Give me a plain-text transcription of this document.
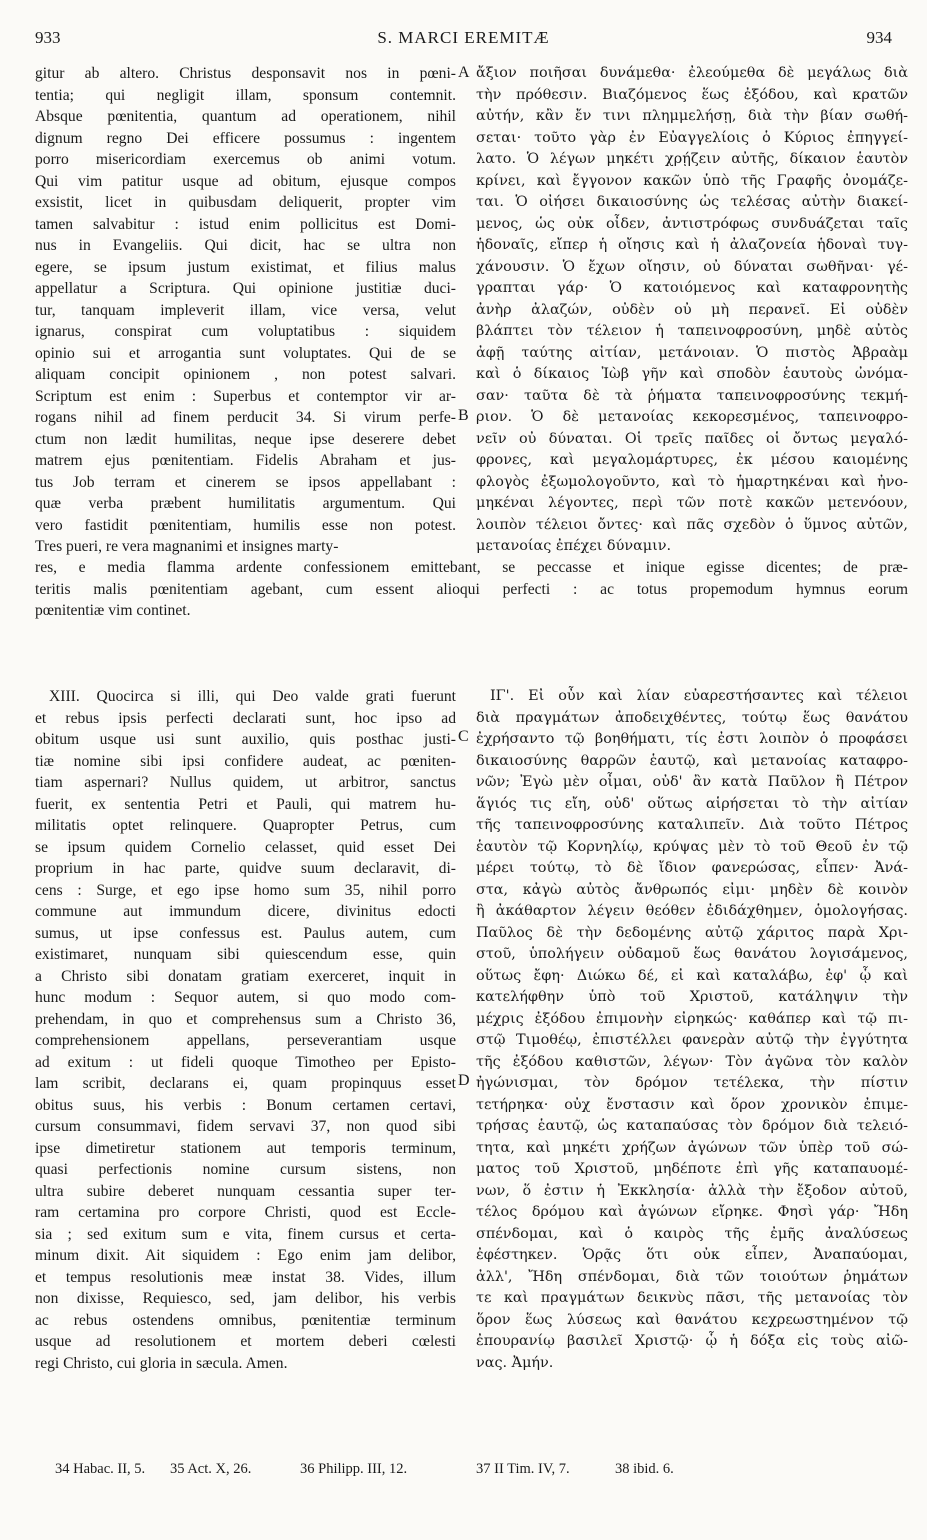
933	S. MARCI EREMITÆ	934
gitur ab altero. Christus desponsavit nos in pœni-
tentia; qui negligit illam, sponsum contemnit.
Absque pœnitentia, quantum ad operationem, nihil
dignum regno Dei efficere possumus : ingentem
porro misericordiam exercemus ob animi votum.
Qui vim patitur usque ad obitum, ejusque compos
exsistit, licet in quibusdam deliquerit, propter vim
tamen salvabitur : istud enim pollicitus est Domi-
nus in Evangeliis. Qui dicit, hac se ultra non
egere, se ipsum justum existimat, et filius malus
appellatur a Scriptura. Qui opinione justitiæ duci-
tur, tanquam impleverit illam, vice versa, velut
ignarus, conspirat cum voluptatibus : siquidem
opinio sui et arrogantia sunt voluptates. Qui de se
aliquam concipit opinionem , non potest salvari.
Scriptum est enim : Superbus et contemptor vir ar-
rogans nihil ad finem perducit 34. Si virum perfe-
ctum non lædit humilitas, neque ipse deserere debet
matrem ejus pœnitentiam. Fidelis Abraham et jus-
tus Job terram et cinerem se ipsos appellabant :
quæ verba præbent humilitatis argumentum. Qui
vero fastidit pœnitentiam, humilis esse non potest.
Tres pueri, re vera magnanimi et insignes marty-
ἄξιον ποιῆσαι δυνάμεθα· ἐλεούμεθα δὲ μεγάλως διὰ
τὴν πρόθεσιν. Βιαζόμενος ἕως ἐξόδου, καὶ κρατῶν
αὐτήν, κἂν ἔν τινι πλημμελήσῃ, διὰ τὴν βίαν σωθή-
σεται· τοῦτο γὰρ ἐν Εὐαγγελίοις ὁ Κύριος ἐπηγγεί-
λατο. Ὁ λέγων μηκέτι χρῄζειν αὐτῆς, δίκαιον ἑαυτὸν
κρίνει, καὶ ἔγγονον κακῶν ὑπὸ τῆς Γραφῆς ὀνομάζε-
ται. Ὁ οἰήσει δικαιοσύνης ὡς τελέσας αὐτὴν διακεί-
μενος, ὡς οὐκ οἶδεν, ἀντιστρόφως συνδυάζεται ταῖς
ἡδοναῖς, εἴπερ ἡ οἴησις καὶ ἡ ἀλαζονεία ἡδοναὶ τυγ-
χάνουσιν. Ὁ ἔχων οἴησιν, οὐ δύναται σωθῆναι· γέ-
γραπται γάρ· Ὁ κατοιόμενος καὶ καταφρονητὴς
ἀνὴρ ἀλαζών, οὐδὲν οὐ μὴ περανεῖ. Εἰ οὐδὲν
βλάπτει τὸν τέλειον ἡ ταπεινοφροσύνη, μηδὲ αὐτὸς
ἀφῇ ταύτης αἰτίαν, μετάνοιαν. Ὁ πιστὸς Ἀβραὰμ
καὶ ὁ δίκαιος Ἰὼβ γῆν καὶ σποδὸν ἑαυτοὺς ὠνόμα-
σαν· ταῦτα δὲ τὰ ῥήματα ταπεινοφροσύνης τεκμή-
ριον. Ὁ δὲ μετανοίας κεκορεσμένος, ταπεινοφρο-
νεῖν οὐ δύναται. Οἱ τρεῖς παῖδες οἱ ὄντως μεγαλό-
φρονες, καὶ μεγαλομάρτυρες, ἐκ μέσου καιομένης
φλογὸς ἐξωμολογοῦντο, καὶ τὸ ἡμαρτηκέναι καὶ ἠνο-
μηκέναι λέγοντες, περὶ τῶν ποτὲ κακῶν μετενόουν,
λοιπὸν τέλειοι ὄντες· καὶ πᾶς σχεδὸν ὁ ὕμνος αὐτῶν,
μετανοίας ἐπέχει δύναμιν.
res, e media flamma ardente confessionem emittebant, se peccasse et inique egisse dicentes; de præ-
teritis malis pœnitentiam agebant, cum essent alioqui perfecti : ac totus propemodum hymnus eorum
pœnitentiæ vim continet.
XIII. Quocirca si illi, qui Deo valde grati fuerunt
et rebus ipsis perfecti declarati sunt, hoc ipso ad
obitum usque usi sunt auxilio, quis posthac justi-
tiæ nomine sibi ipsi confidere audeat, ac pœniten-
tiam aspernari? Nullus quidem, ut arbitror, sanctus
fuerit, ex sententia Petri et Pauli, qui matrem hu-
militatis optet relinquere. Quapropter Petrus, cum
se ipsum quidem Cornelio celasset, quid esset Dei
proprium in hac parte, quidve suum declaravit, di-
cens : Surge, et ego ipse homo sum 35, nihil porro
commune aut immundum dicere, divinitus edocti
sumus, ut ipse confessus est. Paulus autem, cum
existimaret, nunquam sibi quiescendum esse, quin
a Christo sibi donatam gratiam exerceret, inquit in
hunc modum : Sequor autem, si quo modo com-
prehendam, in quo et comprehensus sum a Christo 36,
comprehensionem appellans, perseverantiam usque
ad exitum : ut fideli quoque Timotheo per Episto-
lam scribit, declarans ei, quam propinquus esset
obitus suus, his verbis : Bonum certamen certavi,
cursum consummavi, fidem servavi 37, non quod sibi
ipse dimetiretur stationem aut temporis terminum,
quasi perfectionis nomine cursum sistens, non
ultra subire deberet nunquam cessantia super ter-
ram certamina pro corpore Christi, quod est Eccle-
sia ; sed exitum sum e vita, finem cursus et certa-
minum dixit. Ait siquidem : Ego enim jam delibor,
et tempus resolutionis meæ instat 38. Vides, illum
non dixisse, Requiesco, sed, jam delibor, his verbis
ac rebus ostendens omnibus, pœnitentiæ terminum
usque ad resolutionem et mortem deberi cœlesti
regi Christo, cui gloria in sæcula. Amen.
ΙΓ'. Εἰ οὖν καὶ λίαν εὐαρεστήσαντες καὶ τέλειοι
διὰ πραγμάτων ἀποδειχθέντες, τούτῳ ἕως θανάτου
ἐχρήσαντο τῷ βοηθήματι, τίς ἐστι λοιπὸν ὁ προφάσει
δικαιοσύνης θαρρῶν ἑαυτῷ, καὶ μετανοίας καταφρο-
νῶν; Ἐγὼ μὲν οἶμαι, οὐδ' ἂν κατὰ Παῦλον ἢ Πέτρον
ἅγιός τις εἴη, οὐδ' οὕτως αἱρήσεται τὸ τὴν αἰτίαν
τῆς ταπεινοφροσύνης καταλιπεῖν. Διὰ τοῦτο Πέτρος
ἑαυτὸν τῷ Κορνηλίῳ, κρύψας μὲν τὸ τοῦ Θεοῦ ἐν τῷ
μέρει τούτῳ, τὸ δὲ ἴδιον φανερώσας, εἶπεν· Ἀνά-
στα, κἀγὼ αὐτὸς ἄνθρωπός εἰμι· μηδὲν δὲ κοινὸν
ἢ ἀκάθαρτον λέγειν θεόθεν ἐδιδάχθημεν, ὁμολογήσας.
Παῦλος δὲ τὴν δεδομένης αὐτῷ χάριτος παρὰ Χρι-
στοῦ, ὑπολήγειν οὐδαμοῦ ἕως θανάτου λογισάμενος,
οὕτως ἔφη· Διώκω δέ, εἰ καὶ καταλάβω, ἐφ' ᾧ καὶ
κατελήφθην ὑπὸ τοῦ Χριστοῦ, κατάληψιν τὴν
μέχρις ἐξόδου ἐπιμονὴν εἰρηκώς· καθάπερ καὶ τῷ πι-
στῷ Τιμοθέῳ, ἐπιστέλλει φανερὰν αὐτῷ τὴν ἐγγύτητα
τῆς ἐξόδου καθιστῶν, λέγων· Τὸν ἀγῶνα τὸν καλὸν
ἠγώνισμαι, τὸν δρόμον τετέλεκα, τὴν πίστιν
τετήρηκα· οὐχ ἔνστασιν καὶ ὅρον χρονικὸν ἐπιμε-
τρήσας ἑαυτῷ, ὡς καταπαύσας τὸν δρόμον διὰ τελειό-
τητα, καὶ μηκέτι χρήζων ἀγώνων τῶν ὑπὲρ τοῦ σώ-
ματος τοῦ Χριστοῦ, μηδέποτε ἐπὶ γῆς καταπαυομέ-
νων, ὅ ἐστιν ἡ Ἐκκλησία· ἀλλὰ τὴν ἔξοδον αὐτοῦ,
τέλος δρόμου καὶ ἀγώνων εἴρηκε. Φησὶ γάρ· Ἤδη
σπένδομαι, καὶ ὁ καιρὸς τῆς ἐμῆς ἀναλύσεως
ἐφέστηκεν. Ὁρᾷς ὅτι οὐκ εἶπεν, Ἀναπαύομαι,
ἀλλ', Ἤδη σπένδομαι, διὰ τῶν τοιούτων ῥημάτων
τε καὶ πραγμάτων δεικνὺς πᾶσι, τῆς μετανοίας τὸν
ὅρον ἕως λύσεως καὶ θανάτου κεχρεωστημένον τῷ
ἐπουρανίῳ βασιλεῖ Χριστῷ· ᾧ ἡ δόξα εἰς τοὺς αἰῶ-
νας. Ἀμήν.
A
B
C
D
34 Habac. II, 5. 35 Act. X, 26.	36 Philipp. III, 12.	37 II Tim. IV, 7.	38 ibid. 6.
